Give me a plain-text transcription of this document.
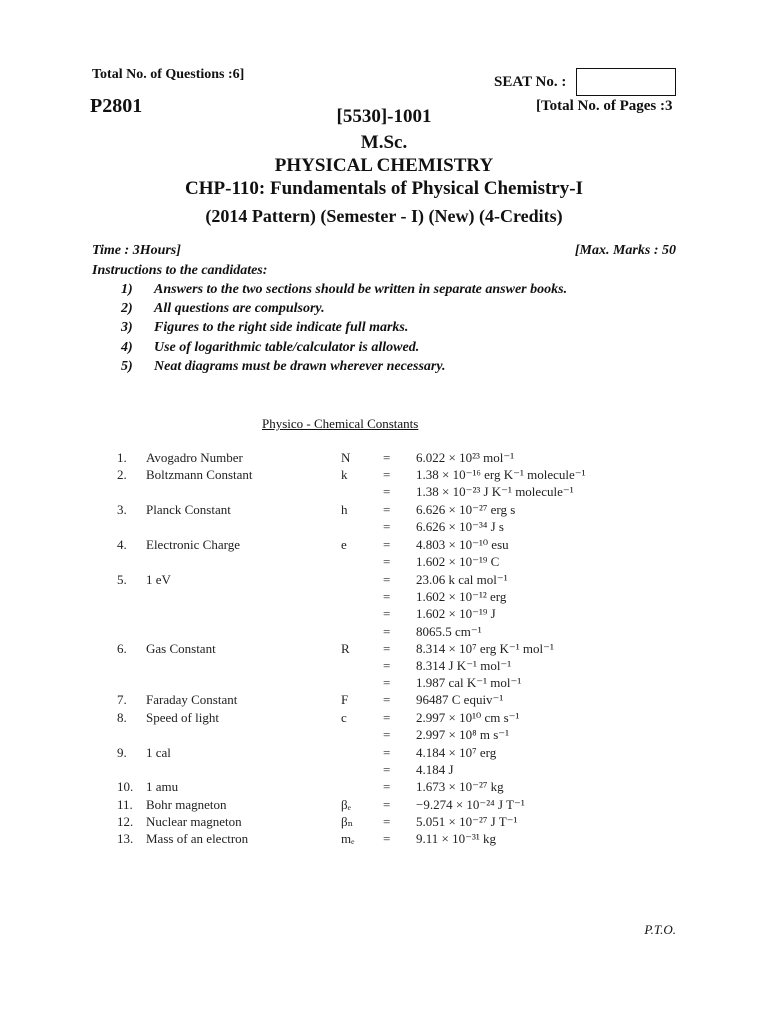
Total No. of Questions :6]
P2801
SEAT No. :
[Total No. of Pages :3
[5530]-1001
M.Sc.
PHYSICAL CHEMISTRY
CHP-110: Fundamentals of Physical Chemistry-I
(2014 Pattern) (Semester - I) (New) (4-Credits)
Time : 3Hours]	[Max. Marks : 50
Instructions to the candidates:
1) Answers to the two sections should be written in separate answer books.
2) All questions are compulsory.
3) Figures to the right side indicate full marks.
4) Use of logarithmic table/calculator is allowed.
5) Neat diagrams must be drawn wherever necessary.
Physico - Chemical Constants
1. Avogadro Number	N	= 6.022 × 10²³ mol⁻¹
2. Boltzmann Constant	k	= 1.38 × 10⁻¹⁶ erg K⁻¹ molecule⁻¹
= 1.38 × 10⁻²³ J K⁻¹ molecule⁻¹
3. Planck Constant	h	= 6.626 × 10⁻²⁷ erg s
= 6.626 × 10⁻³⁴ J s
4. Electronic Charge	e	= 4.803 × 10⁻¹⁰ esu
= 1.602 × 10⁻¹⁹ C
5. 1 eV	= 23.06 k cal mol⁻¹
= 1.602 × 10⁻¹² erg
= 1.602 × 10⁻¹⁹ J
= 8065.5 cm⁻¹
6. Gas Constant	R	= 8.314 × 10⁷ erg K⁻¹ mol⁻¹
= 8.314 J K⁻¹ mol⁻¹
= 1.987 cal K⁻¹ mol⁻¹
7. Faraday Constant	F	= 96487 C equiv⁻¹
8. Speed of light	c	= 2.997 × 10¹⁰ cm s⁻¹
= 2.997 × 10⁸ m s⁻¹
9. 1 cal	= 4.184 × 10⁷ erg
= 4.184 J
10. 1 amu	= 1.673 × 10⁻²⁷ kg
11. Bohr magneton	βₑ = −9.274 × 10⁻²⁴ J T⁻¹
12. Nuclear magneton	βₙ = 5.051 × 10⁻²⁷ J T⁻¹
13. Mass of an electron	mₑ = 9.11 × 10⁻³¹ kg
P.T.O.
